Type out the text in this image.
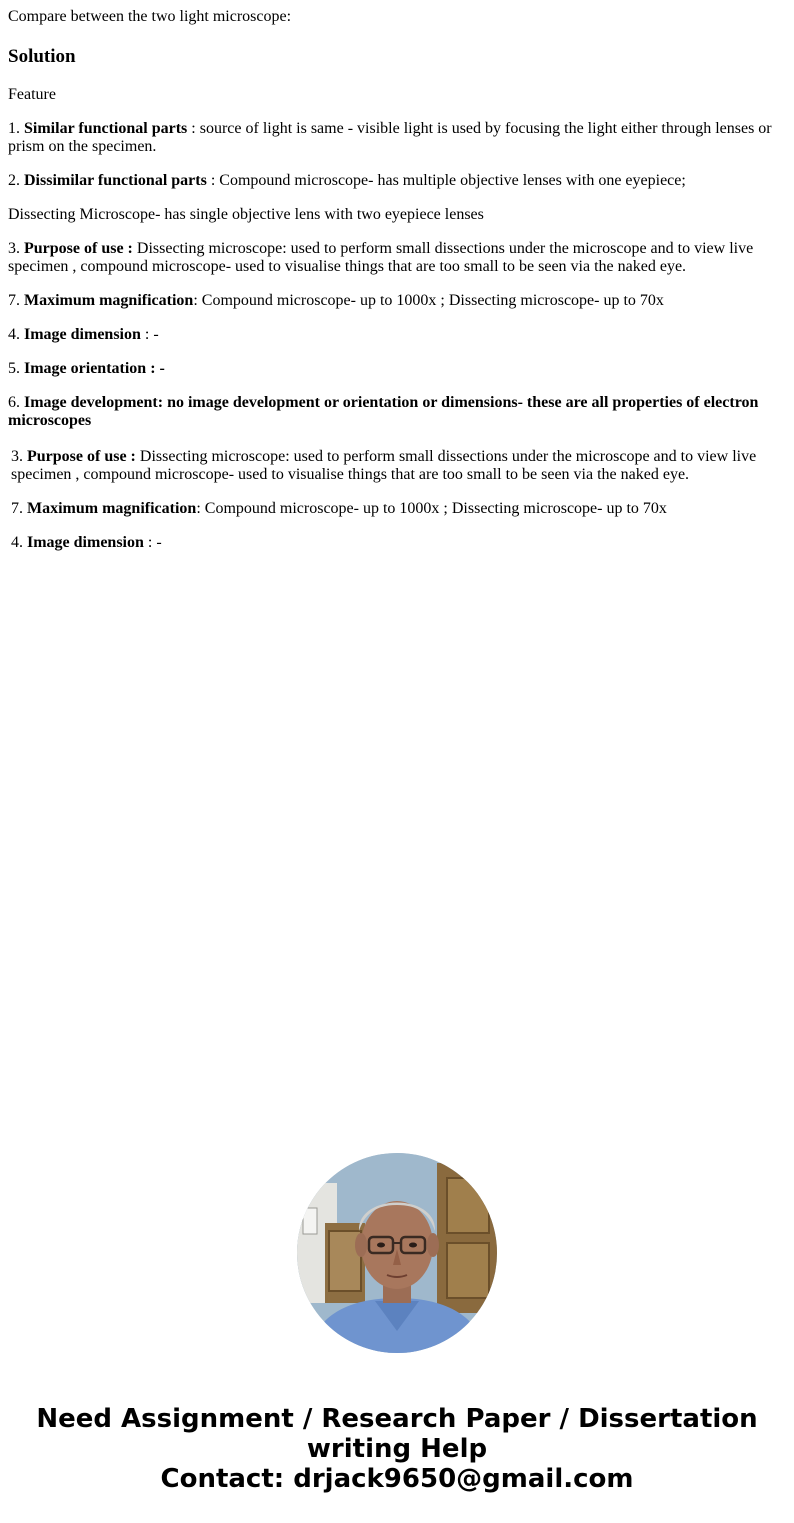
Compare between the two light microscope:
Solution

Feature

1. Similar functional parts : source of light is same - visible light is used by focusing the light either through lenses or prism on the specimen.

2. Dissimilar functional parts : Compound microscope- has multiple objective lenses with one eyepiece;

Dissecting Microscope- has single objective lens with two eyepiece lenses

3. Purpose of use : Dissecting microscope: used to perform small dissections under the microscope and to view live specimen , compound microscope- used to visualise things that are too small to be seen via the naked eye.

7. Maximum magnification: Compound microscope- up to 1000x ; Dissecting microscope- up to 70x

4. Image dimension : -

5. Image orientation : -

6. Image development: no image development or orientation or dimensions- these are all properties of electron microscopes

3. Purpose of use : Dissecting microscope: used to perform small dissections under the microscope and to view live specimen , compound microscope- used to visualise things that are too small to be seen via the naked eye.

7. Maximum magnification: Compound microscope- up to 1000x ; Dissecting microscope- up to 70x

4. Image dimension : -

Need Assignment / Research Paper / Dissertation
writing Help
Contact: drjack9650@gmail.com
